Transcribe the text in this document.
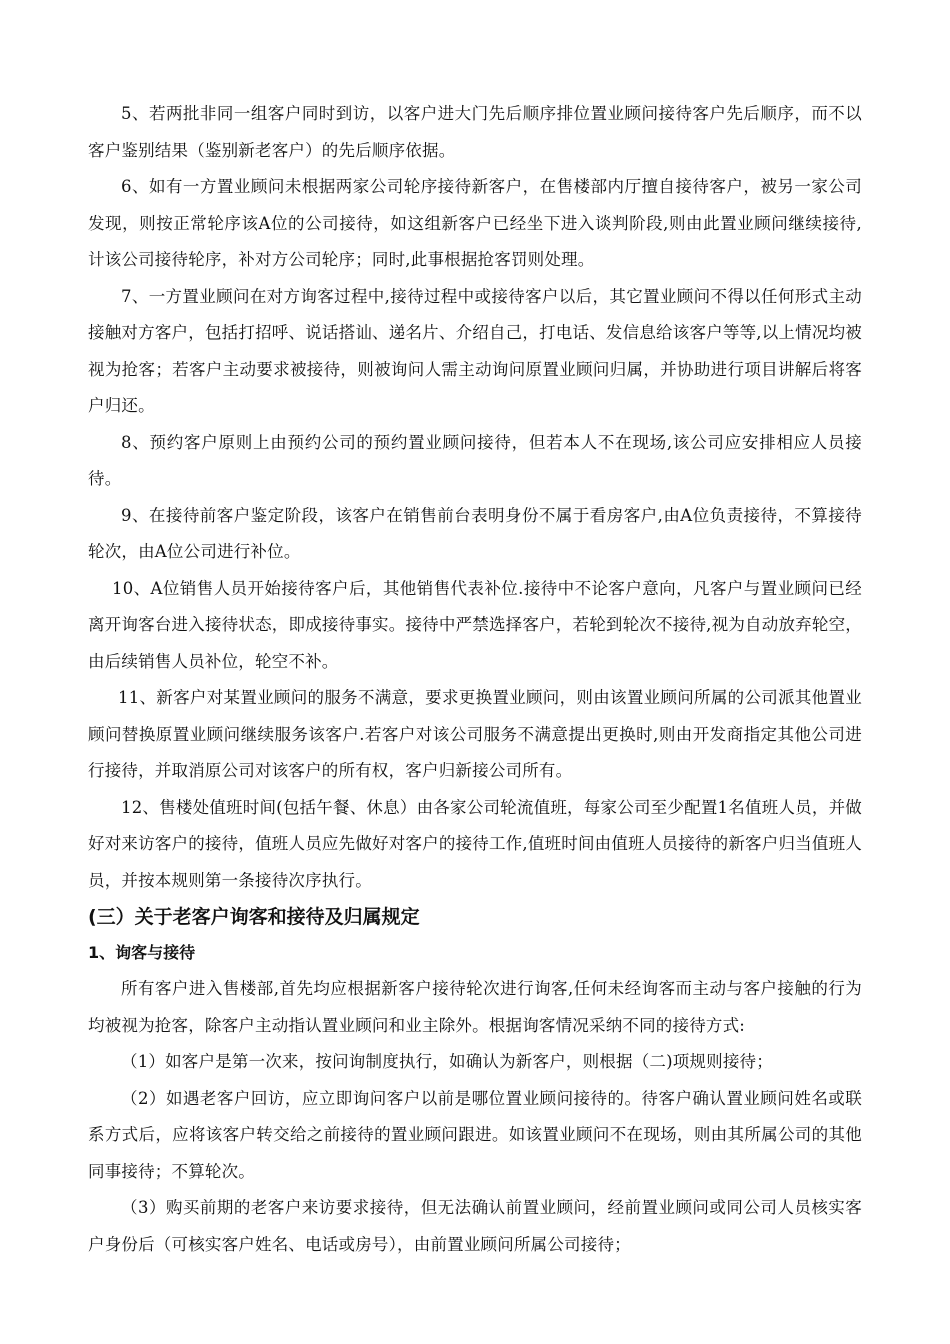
5、若两批非同一组客户同时到访，以客户进大门先后顺序排位置业顾问接待客户先后顺序，而不以客户鉴别结果（鉴别新老客户）的先后顺序依据。

6、如有一方置业顾问未根据两家公司轮序接待新客户，在售楼部内厅擅自接待客户，被另一家公司发现，则按正常轮序该A位的公司接待，如这组新客户已经坐下进入谈判阶段,则由此置业顾问继续接待,计该公司接待轮序，补对方公司轮序；同时,此事根据抢客罚则处理。

7、一方置业顾问在对方询客过程中,接待过程中或接待客户以后，其它置业顾问不得以任何形式主动接触对方客户，包括打招呼、说话搭讪、递名片、介绍自己，打电话、发信息给该客户等等,以上情况均被视为抢客；若客户主动要求被接待，则被询问人需主动询问原置业顾问归属，并协助进行项目讲解后将客户归还。

8、预约客户原则上由预约公司的预约置业顾问接待，但若本人不在现场,该公司应安排相应人员接待。

9、在接待前客户鉴定阶段，该客户在销售前台表明身份不属于看房客户,由A位负责接待，不算接待轮次，由A位公司进行补位。

10、A位销售人员开始接待客户后，其他销售代表补位.接待中不论客户意向，凡客户与置业顾问已经离开询客台进入接待状态，即成接待事实。接待中严禁选择客户，若轮到轮次不接待,视为自动放弃轮空，由后续销售人员补位，轮空不补。

11、新客户对某置业顾问的服务不满意，要求更换置业顾问，则由该置业顾问所属的公司派其他置业顾问替换原置业顾问继续服务该客户.若客户对该公司服务不满意提出更换时,则由开发商指定其他公司进行接待，并取消原公司对该客户的所有权，客户归新接公司所有。

12、售楼处值班时间(包括午餐、休息）由各家公司轮流值班，每家公司至少配置1名值班人员，并做好对来访客户的接待，值班人员应先做好对客户的接待工作,值班时间由值班人员接待的新客户归当值班人员，并按本规则第一条接待次序执行。

(三）关于老客户询客和接待及归属规定
1、询客与接待

所有客户进入售楼部,首先均应根据新客户接待轮次进行询客,任何未经询客而主动与客户接触的行为均被视为抢客，除客户主动指认置业顾问和业主除外。根据询客情况采纳不同的接待方式:

（1）如客户是第一次来，按问询制度执行，如确认为新客户，则根据（二)项规则接待；

（2）如遇老客户回访，应立即询问客户以前是哪位置业顾问接待的。待客户确认置业顾问姓名或联系方式后，应将该客户转交给之前接待的置业顾问跟进。如该置业顾问不在现场，则由其所属公司的其他同事接待；不算轮次。

（3）购买前期的老客户来访要求接待，但无法确认前置业顾问，经前置业顾问或同公司人员核实客户身份后（可核实客户姓名、电话或房号），由前置业顾问所属公司接待；
